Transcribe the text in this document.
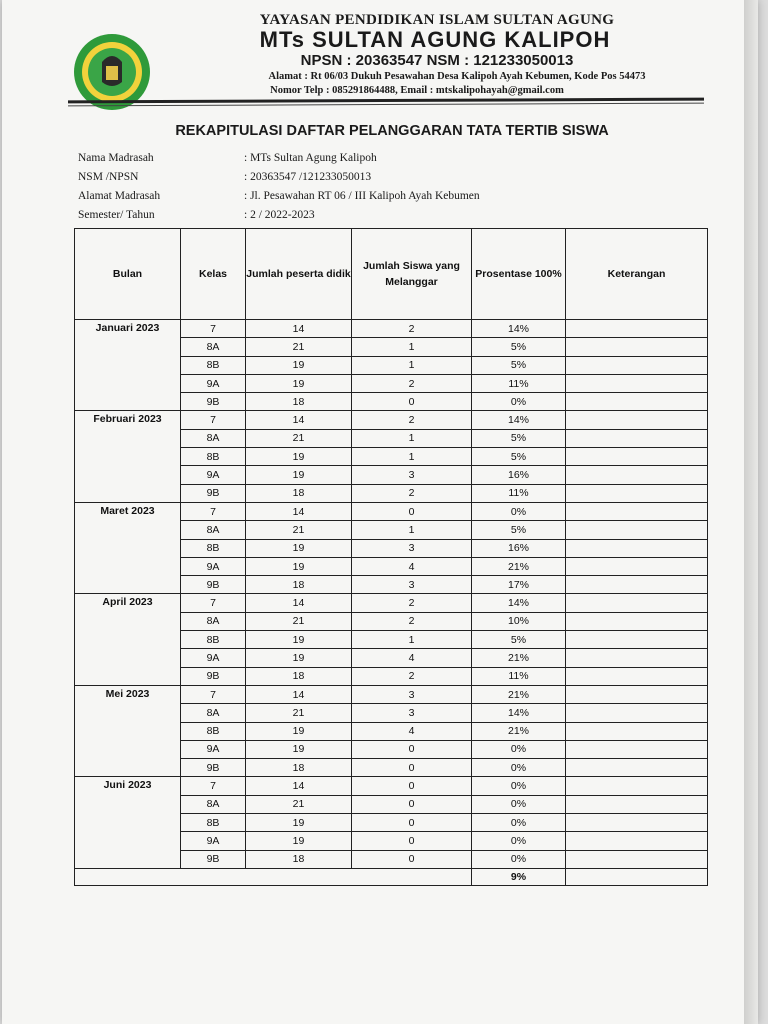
YAYASAN PENDIDIKAN ISLAM SULTAN AGUNG
MTs SULTAN AGUNG KALIPOH
NPSN : 20363547 NSM : 121233050013
Alamat : Rt 06/03 Dukuh Pesawahan Desa Kalipoh Ayah Kebumen, Kode Pos 54473
Nomor Telp : 085291864488, Email : mtskalipohayah@gmail.com
REKAPITULASI DAFTAR PELANGGARAN TATA TERTIB SISWA
Nama Madrasah	: MTs Sultan Agung Kalipoh
NSM /NPSN	: 20363547 /121233050013
Alamat Madrasah	: Jl. Pesawahan RT 06 / III Kalipoh Ayah Kebumen
Semester/ Tahun	: 2 / 2022-2023
Bulan	Kelas	Jumlah peserta didik	Jumlah Siswa yang Melanggar	Prosentase 100%	Keterangan
Januari 2023	7	14	2	14%	
	8A	21	1	5%	
	8B	19	1	5%	
	9A	19	2	11%	
	9B	18	0	0%	
Februari 2023	7	14	2	14%	
	8A	21	1	5%	
	8B	19	1	5%	
	9A	19	3	16%	
	9B	18	2	11%	
Maret 2023	7	14	0	0%	
	8A	21	1	5%	
	8B	19	3	16%	
	9A	19	4	21%	
	9B	18	3	17%	
April 2023	7	14	2	14%	
	8A	21	2	10%	
	8B	19	1	5%	
	9A	19	4	21%	
	9B	18	2	11%	
Mei 2023	7	14	3	21%	
	8A	21	3	14%	
	8B	19	4	21%	
	9A	19	0	0%	
	9B	18	0	0%	
Juni 2023	7	14	0	0%	
	8A	21	0	0%	
	8B	19	0	0%	
	9A	19	0	0%	
	9B	18	0	0%	
				9%	
